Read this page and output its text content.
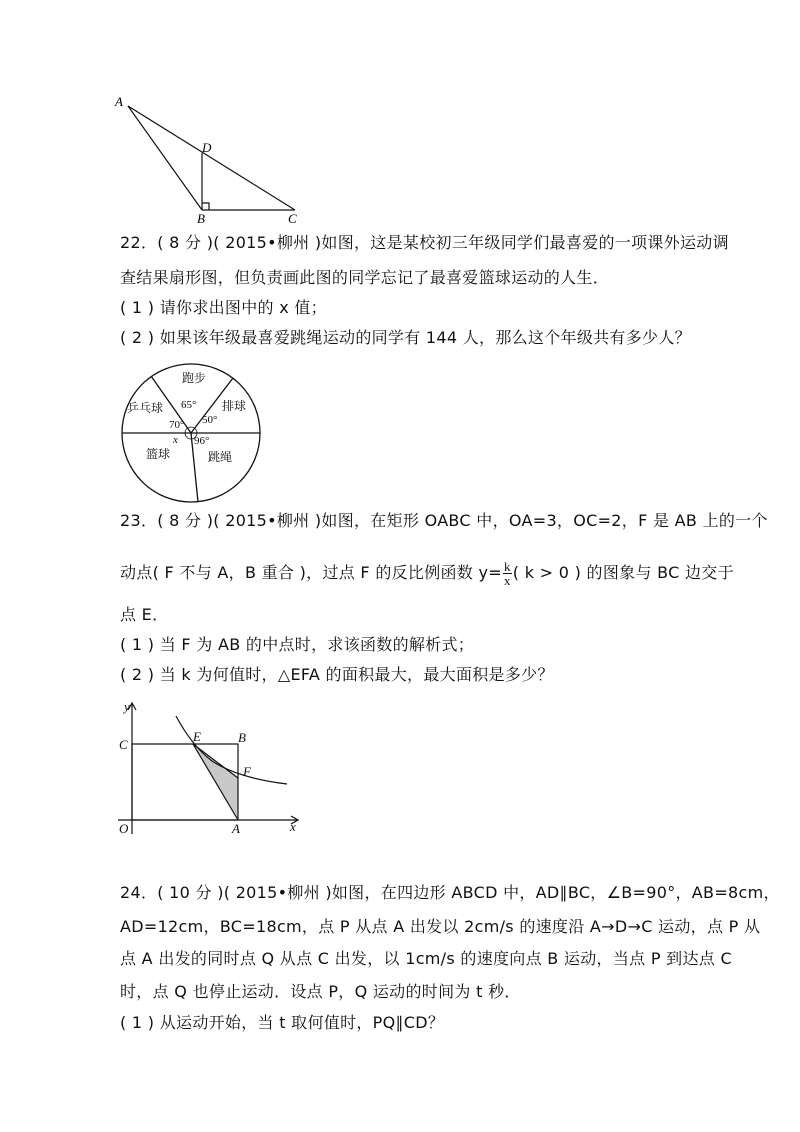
A
B	C
D
22．( 8 分 )( 2015•柳州 )如图，这是某校初三年级同学们最喜爱的一项课外运动调
查结果扇形图，但负责画此图的同学忘记了最喜爱篮球运动的人生．
( 1 ) 请你求出图中的 x 值；
( 2 ) 如果该年级最喜爱跳绳运动的同学有 144 人，那么这个年级共有多少人？
跑步
乒乓球	排球
篮球	跳绳
65°
70° 50°
x 96°
23．( 8 分 )( 2015•柳州 )如图，在矩形 OABC 中，OA=3，OC=2，F 是 AB 上的一个
动点( F 不与 A，B 重合 )，过点 F 的反比例函数 $y= \frac{k}{x}$ ( k > 0 ) 的图象与 BC 边交于
点 E．
( 1 ) 当 F 为 AB 的中点时，求该函数的解析式；
( 2 ) 当 k 为何值时，△EFA 的面积最大，最大面积是多少？
y
x
C
E	B
F
O	A
24．( 10 分 )( 2015•柳州 )如图，在四边形 ABCD 中，AD∥BC，∠B=90°，AB=8cm，
AD=12cm，BC=18cm，点 P 从点 A 出发以 2cm/s 的速度沿 A→D→C 运动，点 P 从
点 A 出发的同时点 Q 从点 C 出发，以 1cm/s 的速度向点 B 运动，当点 P 到达点 C
时，点 Q 也停止运动．设点 P，Q 运动的时间为 t 秒．
( 1 ) 从运动开始，当 t 取何值时，PQ∥CD？
